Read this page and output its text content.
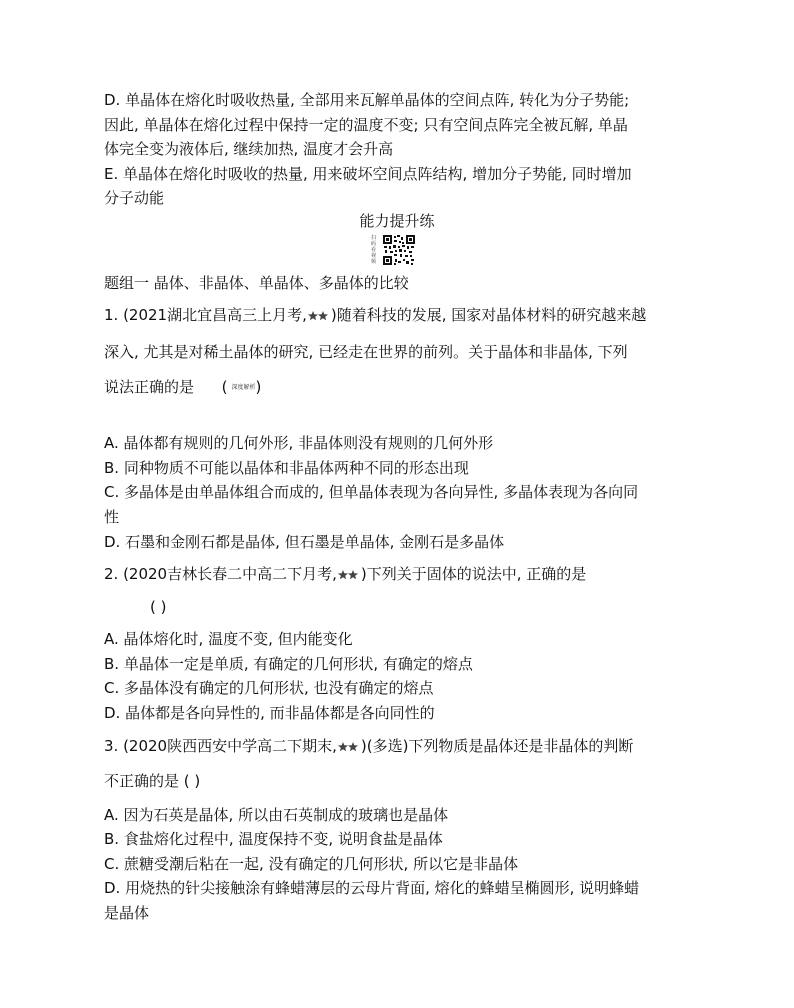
D. 单晶体在熔化时吸收热量, 全部用来瓦解单晶体的空间点阵, 转化为分子势能;
因此, 单晶体在熔化过程中保持一定的温度不变; 只有空间点阵完全被瓦解, 单晶
体完全变为液体后, 继续加热, 温度才会升高
E. 单晶体在熔化时吸收的热量, 用来破坏空间点阵结构, 增加分子势能, 同时增加
分子动能
能力提升练
扫码看视频
题组一 晶体、非晶体、单晶体、多晶体的比较
1. (2021湖北宜昌高三上月考, )随着科技的发展, 国家对晶体材料的研究越来越
深入, 尤其是对稀土晶体的研究, 已经走在世界的前列。关于晶体和非晶体, 下列
说法正确的是 ( 深度解析)
A. 晶体都有规则的几何外形, 非晶体则没有规则的几何外形
B. 同种物质不可能以晶体和非晶体两种不同的形态出现
C. 多晶体是由单晶体组合而成的, 但单晶体表现为各向异性, 多晶体表现为各向同
性
D. 石墨和金刚石都是晶体, 但石墨是单晶体, 金刚石是多晶体
2. (2020吉林长春二中高二下月考, )下列关于固体的说法中, 正确的是
( )
A. 晶体熔化时, 温度不变, 但内能变化
B. 单晶体一定是单质, 有确定的几何形状, 有确定的熔点
C. 多晶体没有确定的几何形状, 也没有确定的熔点
D. 晶体都是各向异性的, 而非晶体都是各向同性的
3. (2020陕西西安中学高二下期末, )(多选)下列物质是晶体还是非晶体的判断
不正确的是 ( )
A. 因为石英是晶体, 所以由石英制成的玻璃也是晶体
B. 食盐熔化过程中, 温度保持不变, 说明食盐是晶体
C. 蔗糖受潮后粘在一起, 没有确定的几何形状, 所以它是非晶体
D. 用烧热的针尖接触涂有蜂蜡薄层的云母片背面, 熔化的蜂蜡呈椭圆形, 说明蜂蜡
是晶体
